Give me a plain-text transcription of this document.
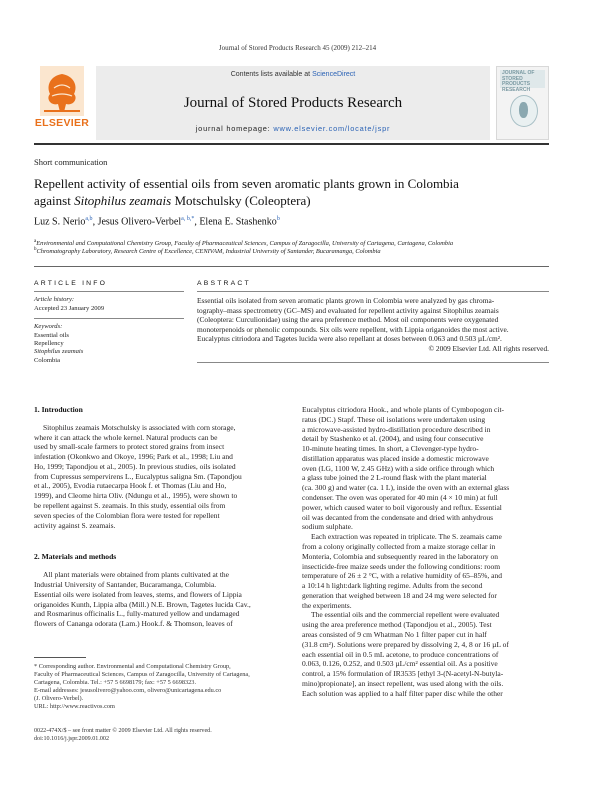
Journal of Stored Products Research 45 (2009) 212–214
ELSEVIER
Contents lists available at ScienceDirect
Journal of Stored Products Research
journal homepage: www.elsevier.com/locate/jspr
JOURNAL OF STORED PRODUCTS RESEARCH
Short communication
Repellent activity of essential oils from seven aromatic plants grown in Colombia
against Sitophilus zeamais Motschulsky (Coleoptera)
Luz S. Nerio$^{a,b}$, Jesus Olivero-Verbel$^{a, b,*}$, Elena E. Stashenko$^b$
$^a$Environmental and Computational Chemistry Group, Faculty of Pharmaceutical Sciences, Campus of Zaragocilla, University of Cartagena, Cartagena, Colombia
$^b$Chromatography Laboratory, Research Centre of Excellence, CENIVAM, Industrial University of Santander, Bucaramanga, Colombia
ARTICLE INFO
Article history:
Accepted 23 January 2009
Keywords:
Essential oils
Repellency
Sitophilus zeamais
Colombia
ABSTRACT
Essential oils isolated from seven aromatic plants grown in Colombia were analyzed by gas chroma-
tography–mass spectrometry (GC–MS) and evaluated for repellent activity against Sitophilus zeamais
(Coleoptera: Curculionidae) using the area preference method. Most oil components were oxygenated
monoterpenoids or phenolic compounds. Six oils were repellent, with Lippia origanoides the most active.
Eucalyptus citriodora and Tagetes lucida were also repellant at doses between 0.063 and 0.503 µL/cm².
© 2009 Elsevier Ltd. All rights reserved.
1. Introduction

Sitophilus zeamais Motschulsky is associated with corn storage,

where it can attack the whole kernel. Natural products can be

used by small-scale farmers to protect stored grains from insect

infestation (Okonkwo and Okoye, 1996; Park et al., 1998; Liu and

Ho, 1999; Tapondjou et al., 2005). In previous studies, oils isolated

from Cupressus sempervirens L., Eucalyptus saligna Sm. (Tapondjou

et al., 2005), Evodia rutaecarpa Hook f. et Thomas (Liu and Ho,

1999), and Cleome hirta Oliv. (Ndungu et al., 1995), were shown to

be repellent against S. zeamais. In this study, essential oils from

seven species of the Colombian flora were tested for repellent

activity against S. zeamais.

2. Materials and methods

All plant materials were obtained from plants cultivated at the

Industrial University of Santander, Bucaramanga, Columbia.

Essential oils were isolated from leaves, stems, and flowers of Lippia

origanoides Kunth, Lippia alba (Mill.) N.E. Brown, Tagetes lucida Cav.,

and Rosmarinus officinalis L., fully-matured yellow and undamaged

flowers of Cananga odorata (Lam.) Hook.f. & Thomson, leaves of

* Corresponding author. Environmental and Computational Chemistry Group,
Faculty of Pharmaceutical Sciences, Campus of Zaragocilla, University of Cartagena,
Cartagena, Colombia. Tel.: +57 5 6698179; fax: +57 5 6698323.
E-mail addresses: jesusolivero@yahoo.com, olivero@unicartagena.edu.co
(J. Olivero-Verbel).
URL: http://www.reactivos.com
0022-474X/$ – see front matter © 2009 Elsevier Ltd. All rights reserved.
doi:10.1016/j.jspr.2009.01.002

Eucalyptus citriodora Hook., and whole plants of Cymbopogon cit-

ratus (DC.) Stapf. These oil isolations were undertaken using

a microwave-assisted hydro-distillation procedure described in

detail by Stashenko et al. (2004), and using four consecutive

10-minute heating times. In short, a Clevenger-type hydro-

distillation apparatus was placed inside a domestic microwave

oven (LG, 1100 W, 2.45 GHz) with a side orifice through which

a glass tube joined the 2 L-round flask with the plant material

(ca. 300 g) and water (ca. 1 L), inside the oven with an external glass

condenser. The oven was operated for 40 min (4 × 10 min) at full

power, which caused water to boil vigorously and reflux. Essential

oil was decanted from the condensate and dried with anhydrous

sodium sulphate.

Each extraction was repeated in triplicate. The S. zeamais came

from a colony originally collected from a maize storage cellar in

Monteria, Colombia and subsequently reared in the laboratory on

insecticide-free maize seeds under the following conditions: room

temperature of 26 ± 2 °C, with a relative humidity of 65–85%, and

a 10:14 h light:dark lighting regime. Adults from the second

generation that weighed between 18 and 24 mg were selected for

the experiments.

The essential oils and the commercial repellent were evaluated

using the area preference method (Tapondjou et al., 2005). Test

areas consisted of 9 cm Whatman No 1 filter paper cut in half

(31.8 cm²). Solutions were prepared by dissolving 2, 4, 8 or 16 µL of

each essential oil in 0.5 mL acetone, to produce concentrations of

0.063, 0.126, 0.252, and 0.503 µL/cm² essential oil. As a positive

control, a 15% formulation of IR3535 [ethyl 3-(N-acetyl-N-butyla-

mino)propionate], an insect repellent, was used along with the oils.

Each solution was applied to a half filter paper disc while the other
